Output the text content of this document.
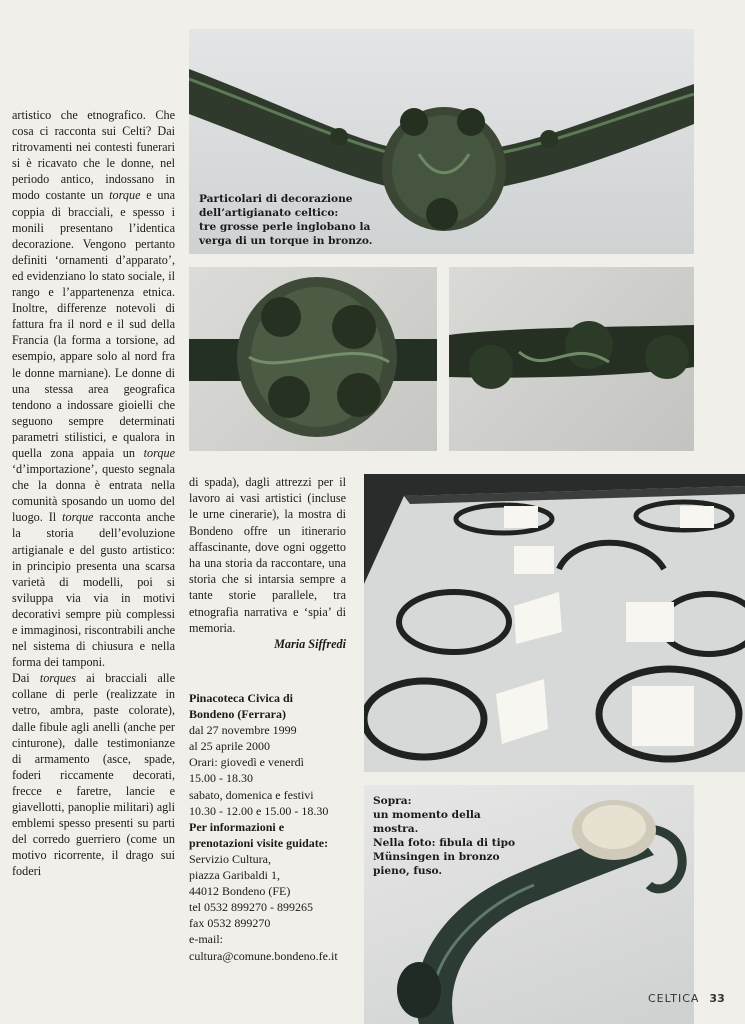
artistico che etnografico. Che cosa ci racconta sui Celti? Dai ritrovamenti nei contesti funerari si è ricavato che le donne, nel periodo antico, indossano in modo costante un torque e una coppia di bracciali, e spesso i monili presentano l’identica decorazione. Vengono pertanto definiti ‘ornamenti d’apparato’, ed evidenziano lo stato sociale, il rango e l’appartenenza etnica. Inoltre, differenze notevoli di fattura fra il nord e il sud della Francia (la forma a torsione, ad esempio, appare solo al nord fra le donne marniane). Le donne di una stessa area geografica tendono a indossare gioielli che seguono sempre determinati parametri stilistici, e qualora in quella zona appaia un torque ‘d’importazione’, questo segnala che la donna è entrata nella comunità sposando un uomo del luogo. Il torque racconta anche la storia dell’evoluzione artigianale e del gusto artistico: in principio presenta una scarsa varietà di modelli, poi si sviluppa via via in motivi decorativi sempre più complessi e immaginosi, riscontrabili anche nel sistema di chiusura e nella forma dei tamponi.

Dai torques ai bracciali alle collane di perle (realizzate in vetro, ambra, paste colorate), dalle fibule agli anelli (anche per cinturone), dalle testimonianze di armamento (asce, spade, foderi riccamente decorati, frecce e faretre, lancie e giavellotti, panoplie militari) agli emblemi spesso presenti su parti del corredo guerriero (come un motivo ricorrente, il drago sui foderi

di spada), dagli attrezzi per il lavoro ai vasi artistici (incluse le urne cinerarie), la mostra di Bondeno offre un itinerario affascinante, dove ogni oggetto ha una storia da raccontare, una storia che si intarsia sempre a tante storie parallele, tra etnografia narrativa e ‘spia’ di memoria.

Maria Siffredi

Pinacoteca Civica di
Bondeno (Ferrara)
dal 27 novembre 1999
al 25 aprile 2000
Orari: giovedì e venerdì
15.00 - 18.30
sabato, domenica e festivi
10.30 - 12.00 e 15.00 - 18.30
Per informazioni e
prenotazioni visite guidate:
Servizio Cultura,
piazza Garibaldi 1,
44012 Bondeno (FE)
tel 0532 899270 - 899265
fax 0532 899270
e-mail:
cultura@comune.bondeno.fe.it
Particolari di decorazione
dell’artigianato celtico:
tre grosse perle inglobano la
verga di un torque in bronzo.
Sopra:
un momento della mostra.
Nella foto: fibula di tipo
Münsingen in bronzo
pieno, fuso.
CELTICA 33
